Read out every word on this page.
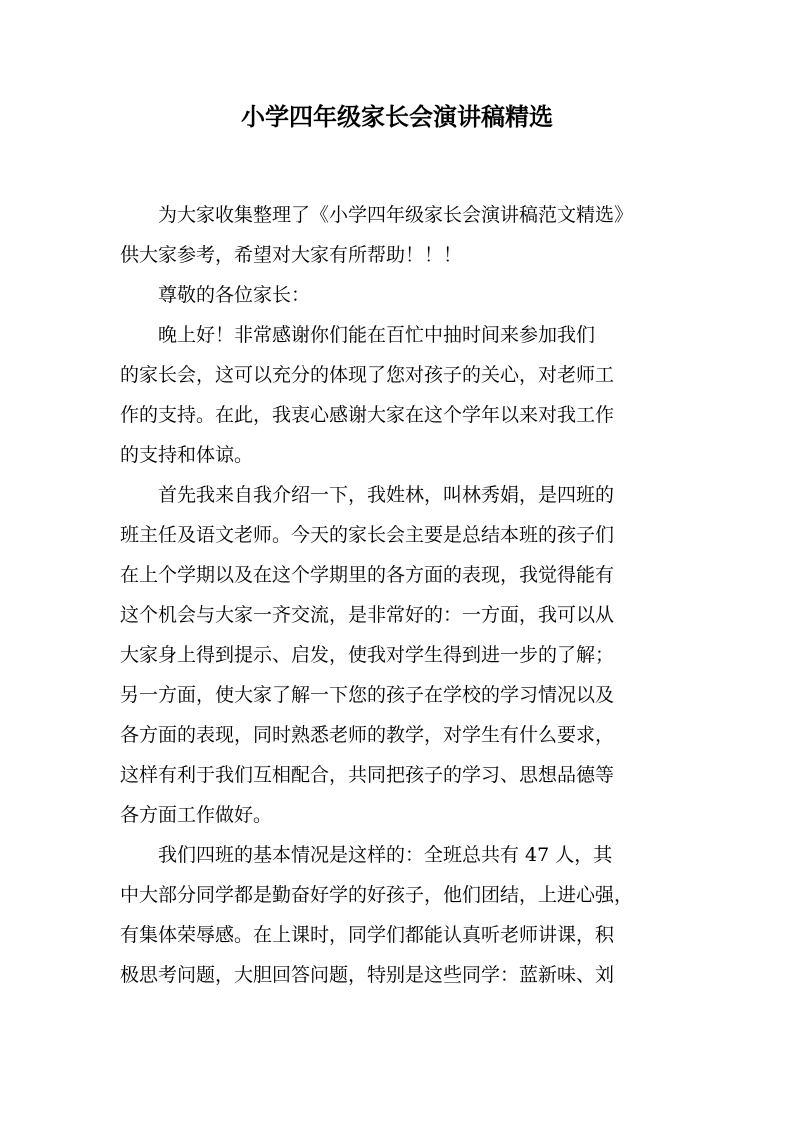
小学四年级家长会演讲稿精选

为大家收集整理了《小学四年级家长会演讲稿范文精选》
供大家参考，希望对大家有所帮助！！！

尊敬的各位家长：

晚上好！非常感谢你们能在百忙中抽时间来参加我们
的家长会，这可以充分的体现了您对孩子的关心，对老师工
作的支持。在此，我衷心感谢大家在这个学年以来对我工作
的支持和体谅。

首先我来自我介绍一下，我姓林，叫林秀娟，是四班的
班主任及语文老师。今天的家长会主要是总结本班的孩子们
在上个学期以及在这个学期里的各方面的表现，我觉得能有
这个机会与大家一齐交流，是非常好的：一方面，我可以从
大家身上得到提示、启发，使我对学生得到进一步的了解；
另一方面，使大家了解一下您的孩子在学校的学习情况以及
各方面的表现，同时熟悉老师的教学，对学生有什么要求，
这样有利于我们互相配合，共同把孩子的学习、思想品德等
各方面工作做好。

我们四班的基本情况是这样的：全班总共有 47 人，其
中大部分同学都是勤奋好学的好孩子，他们团结，上进心强，
有集体荣辱感。在上课时，同学们都能认真听老师讲课，积
极思考问题，大胆回答问题，特别是这些同学：蓝新味、刘
